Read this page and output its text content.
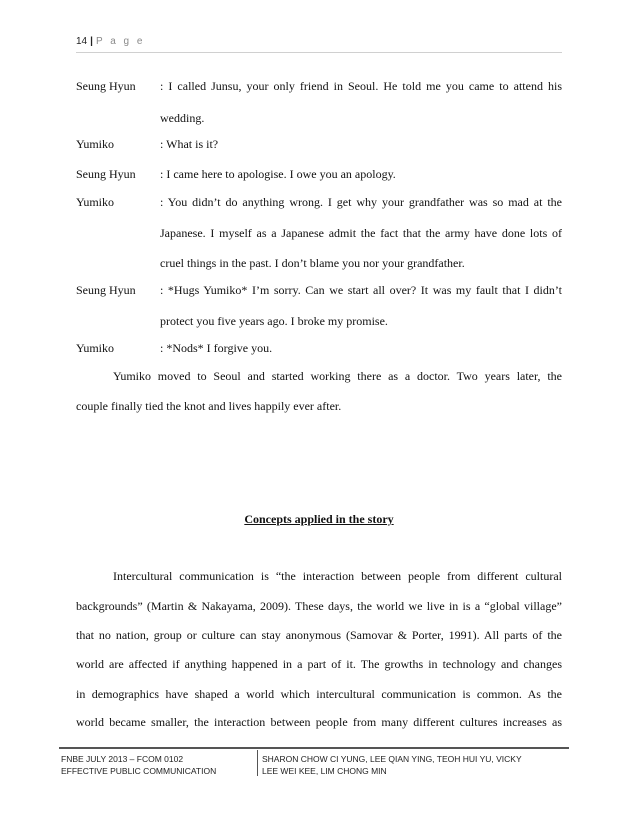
14 | P a g e
Seung Hyun	: I called Junsu, your only friend in Seoul. He told me you came to attend his
wedding.
Yumiko	: What is it?
Seung Hyun	: I came here to apologise. I owe you an apology.
Yumiko	: You didn’t do anything wrong. I get why your grandfather was so mad at the
Japanese. I myself as a Japanese admit the fact that the army have done lots of
cruel things in the past. I don’t blame you nor your grandfather.
Seung Hyun	: *Hugs Yumiko* I’m sorry. Can we start all over? It was my fault that I didn’t
protect you five years ago. I broke my promise.
Yumiko	: *Nods* I forgive you.
Yumiko moved to Seoul and started working there as a doctor. Two years later, the
couple finally tied the knot and lives happily ever after.
Concepts applied in the story
Intercultural communication is “the interaction between people from different cultural
backgrounds” (Martin & Nakayama, 2009). These days, the world we live in is a “global village”
that no nation, group or culture can stay anonymous (Samovar & Porter, 1991). All parts of the
world are affected if anything happened in a part of it. The growths in technology and changes
in demographics have shaped a world which intercultural communication is common. As the
world became smaller, the interaction between people from many different cultures increases as
FNBE JULY 2013 – FCOM 0102
EFFECTIVE PUBLIC COMMUNICATION
SHARON CHOW CI YUNG, LEE QIAN YING, TEOH HUI YU, VICKY
LEE WEI KEE, LIM CHONG MIN
